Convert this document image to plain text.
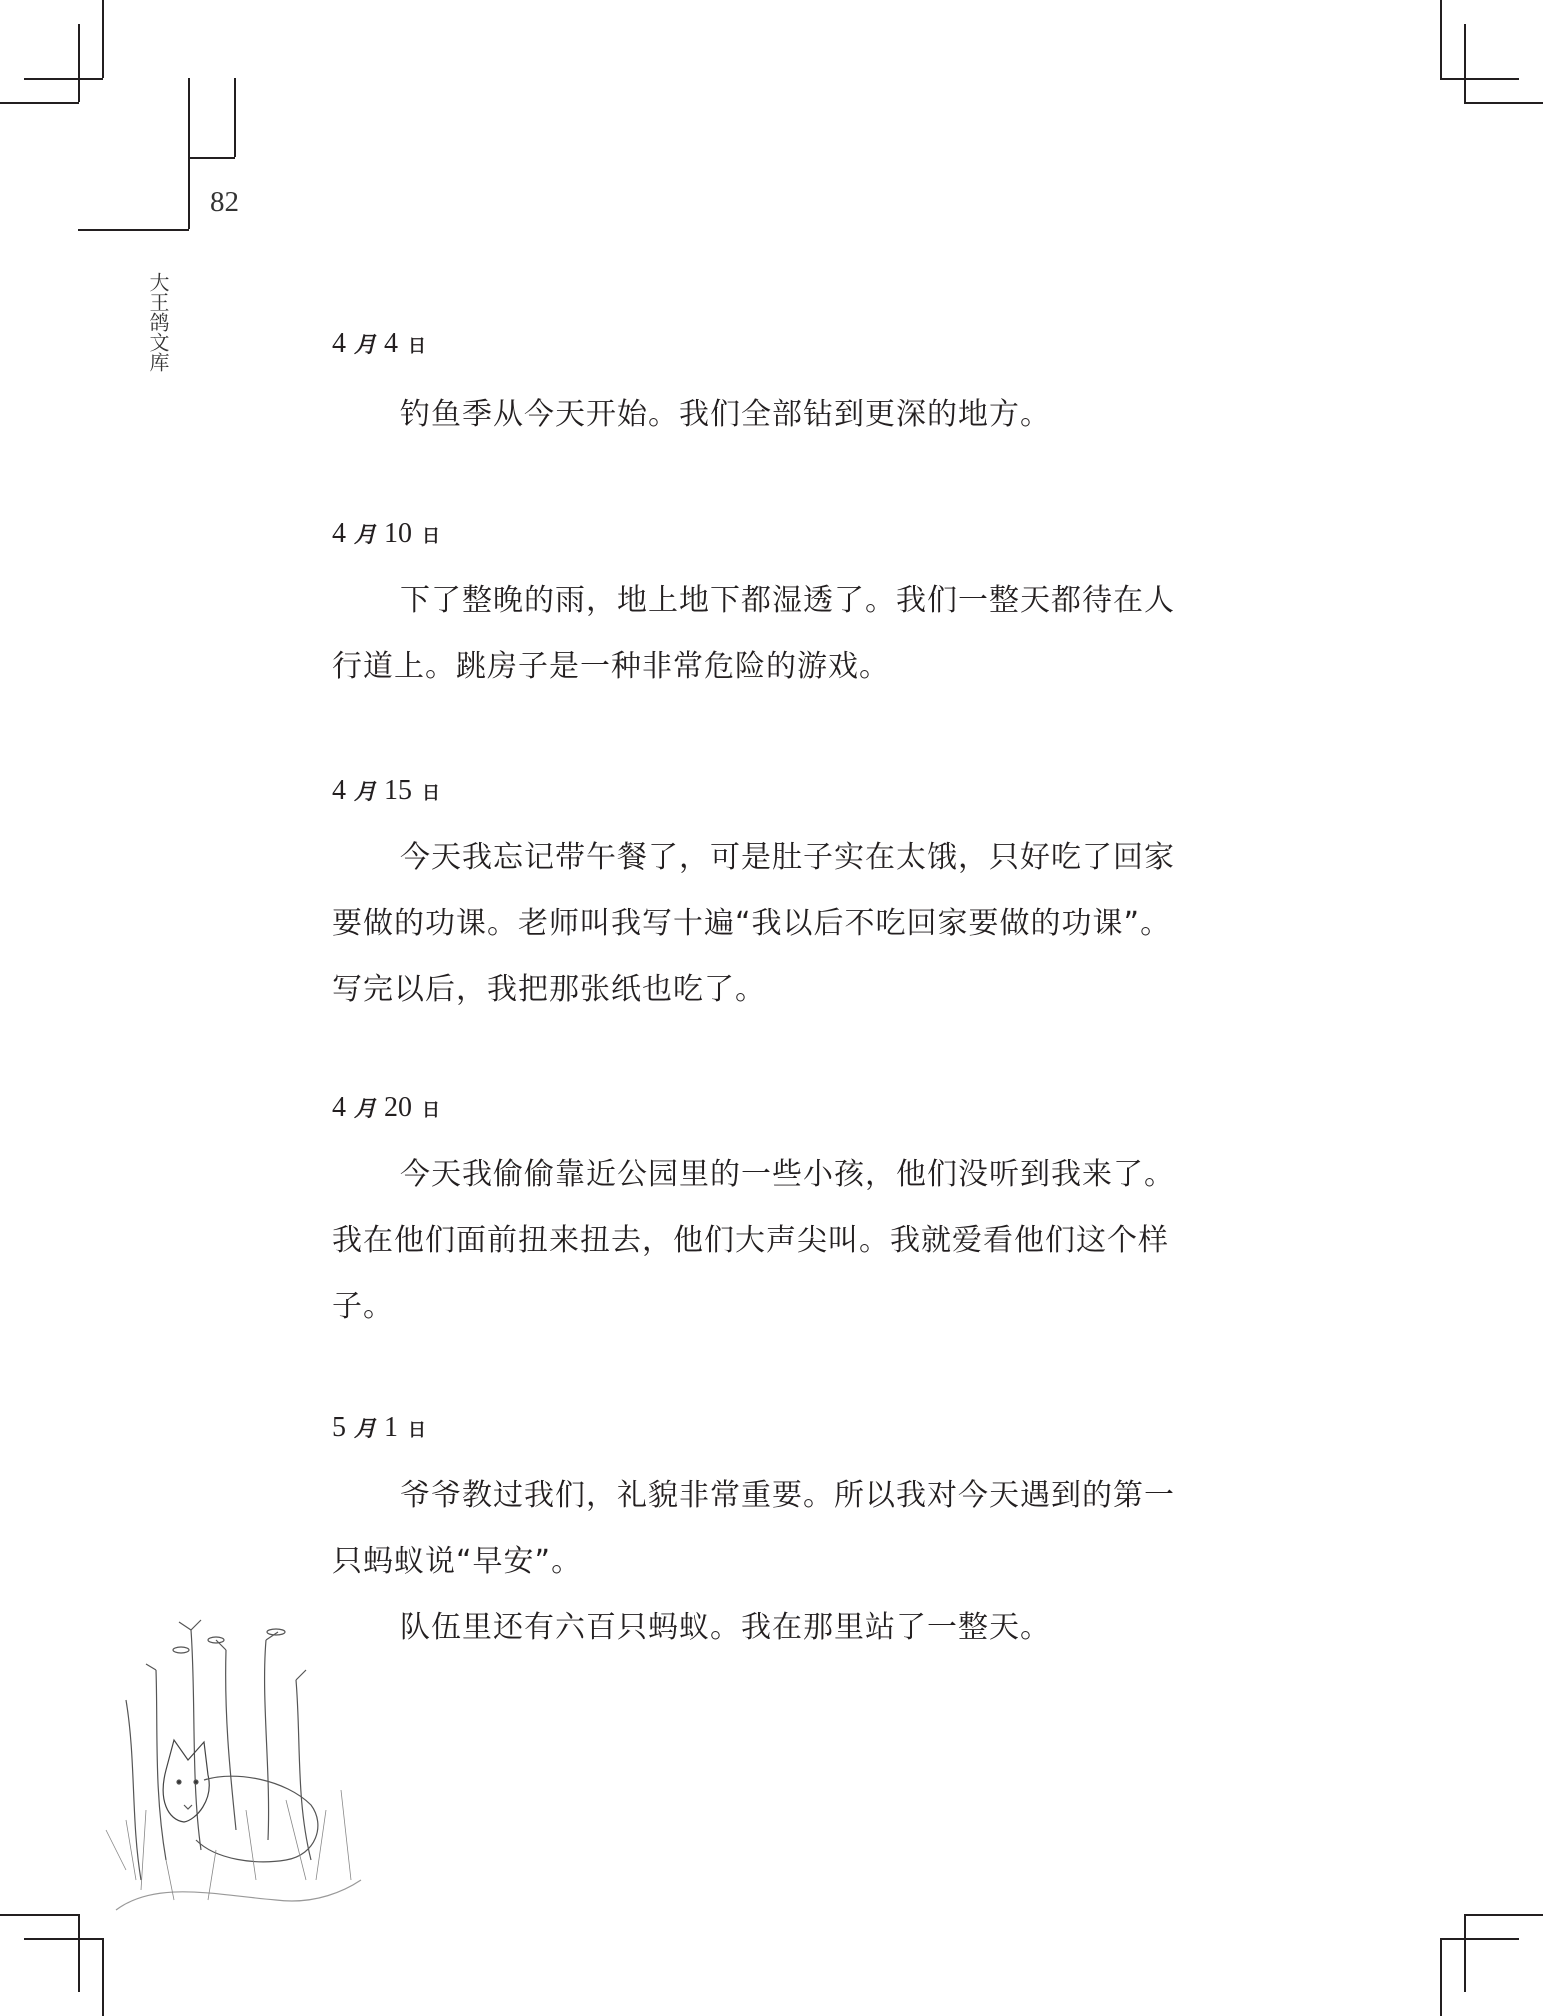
82
大王鸽文库	4 月 4 日
钓鱼季从今天开始。我们全部钻到更深的地方。
4 月 10 日
下了整晚的雨，地上地下都湿透了。我们一整天都待在人行道上。跳房子是一种非常危险的游戏。
4 月 15 日
今天我忘记带午餐了，可是肚子实在太饿，只好吃了回家要做的功课。老师叫我写十遍“我以后不吃回家要做的功课”。写完以后，我把那张纸也吃了。
4 月 20 日
今天我偷偷靠近公园里的一些小孩，他们没听到我来了。我在他们面前扭来扭去，他们大声尖叫。我就爱看他们这个样子。
5 月 1 日
爷爷教过我们，礼貌非常重要。所以我对今天遇到的第一只蚂蚁说“早安”。
队伍里还有六百只蚂蚁。我在那里站了一整天。
